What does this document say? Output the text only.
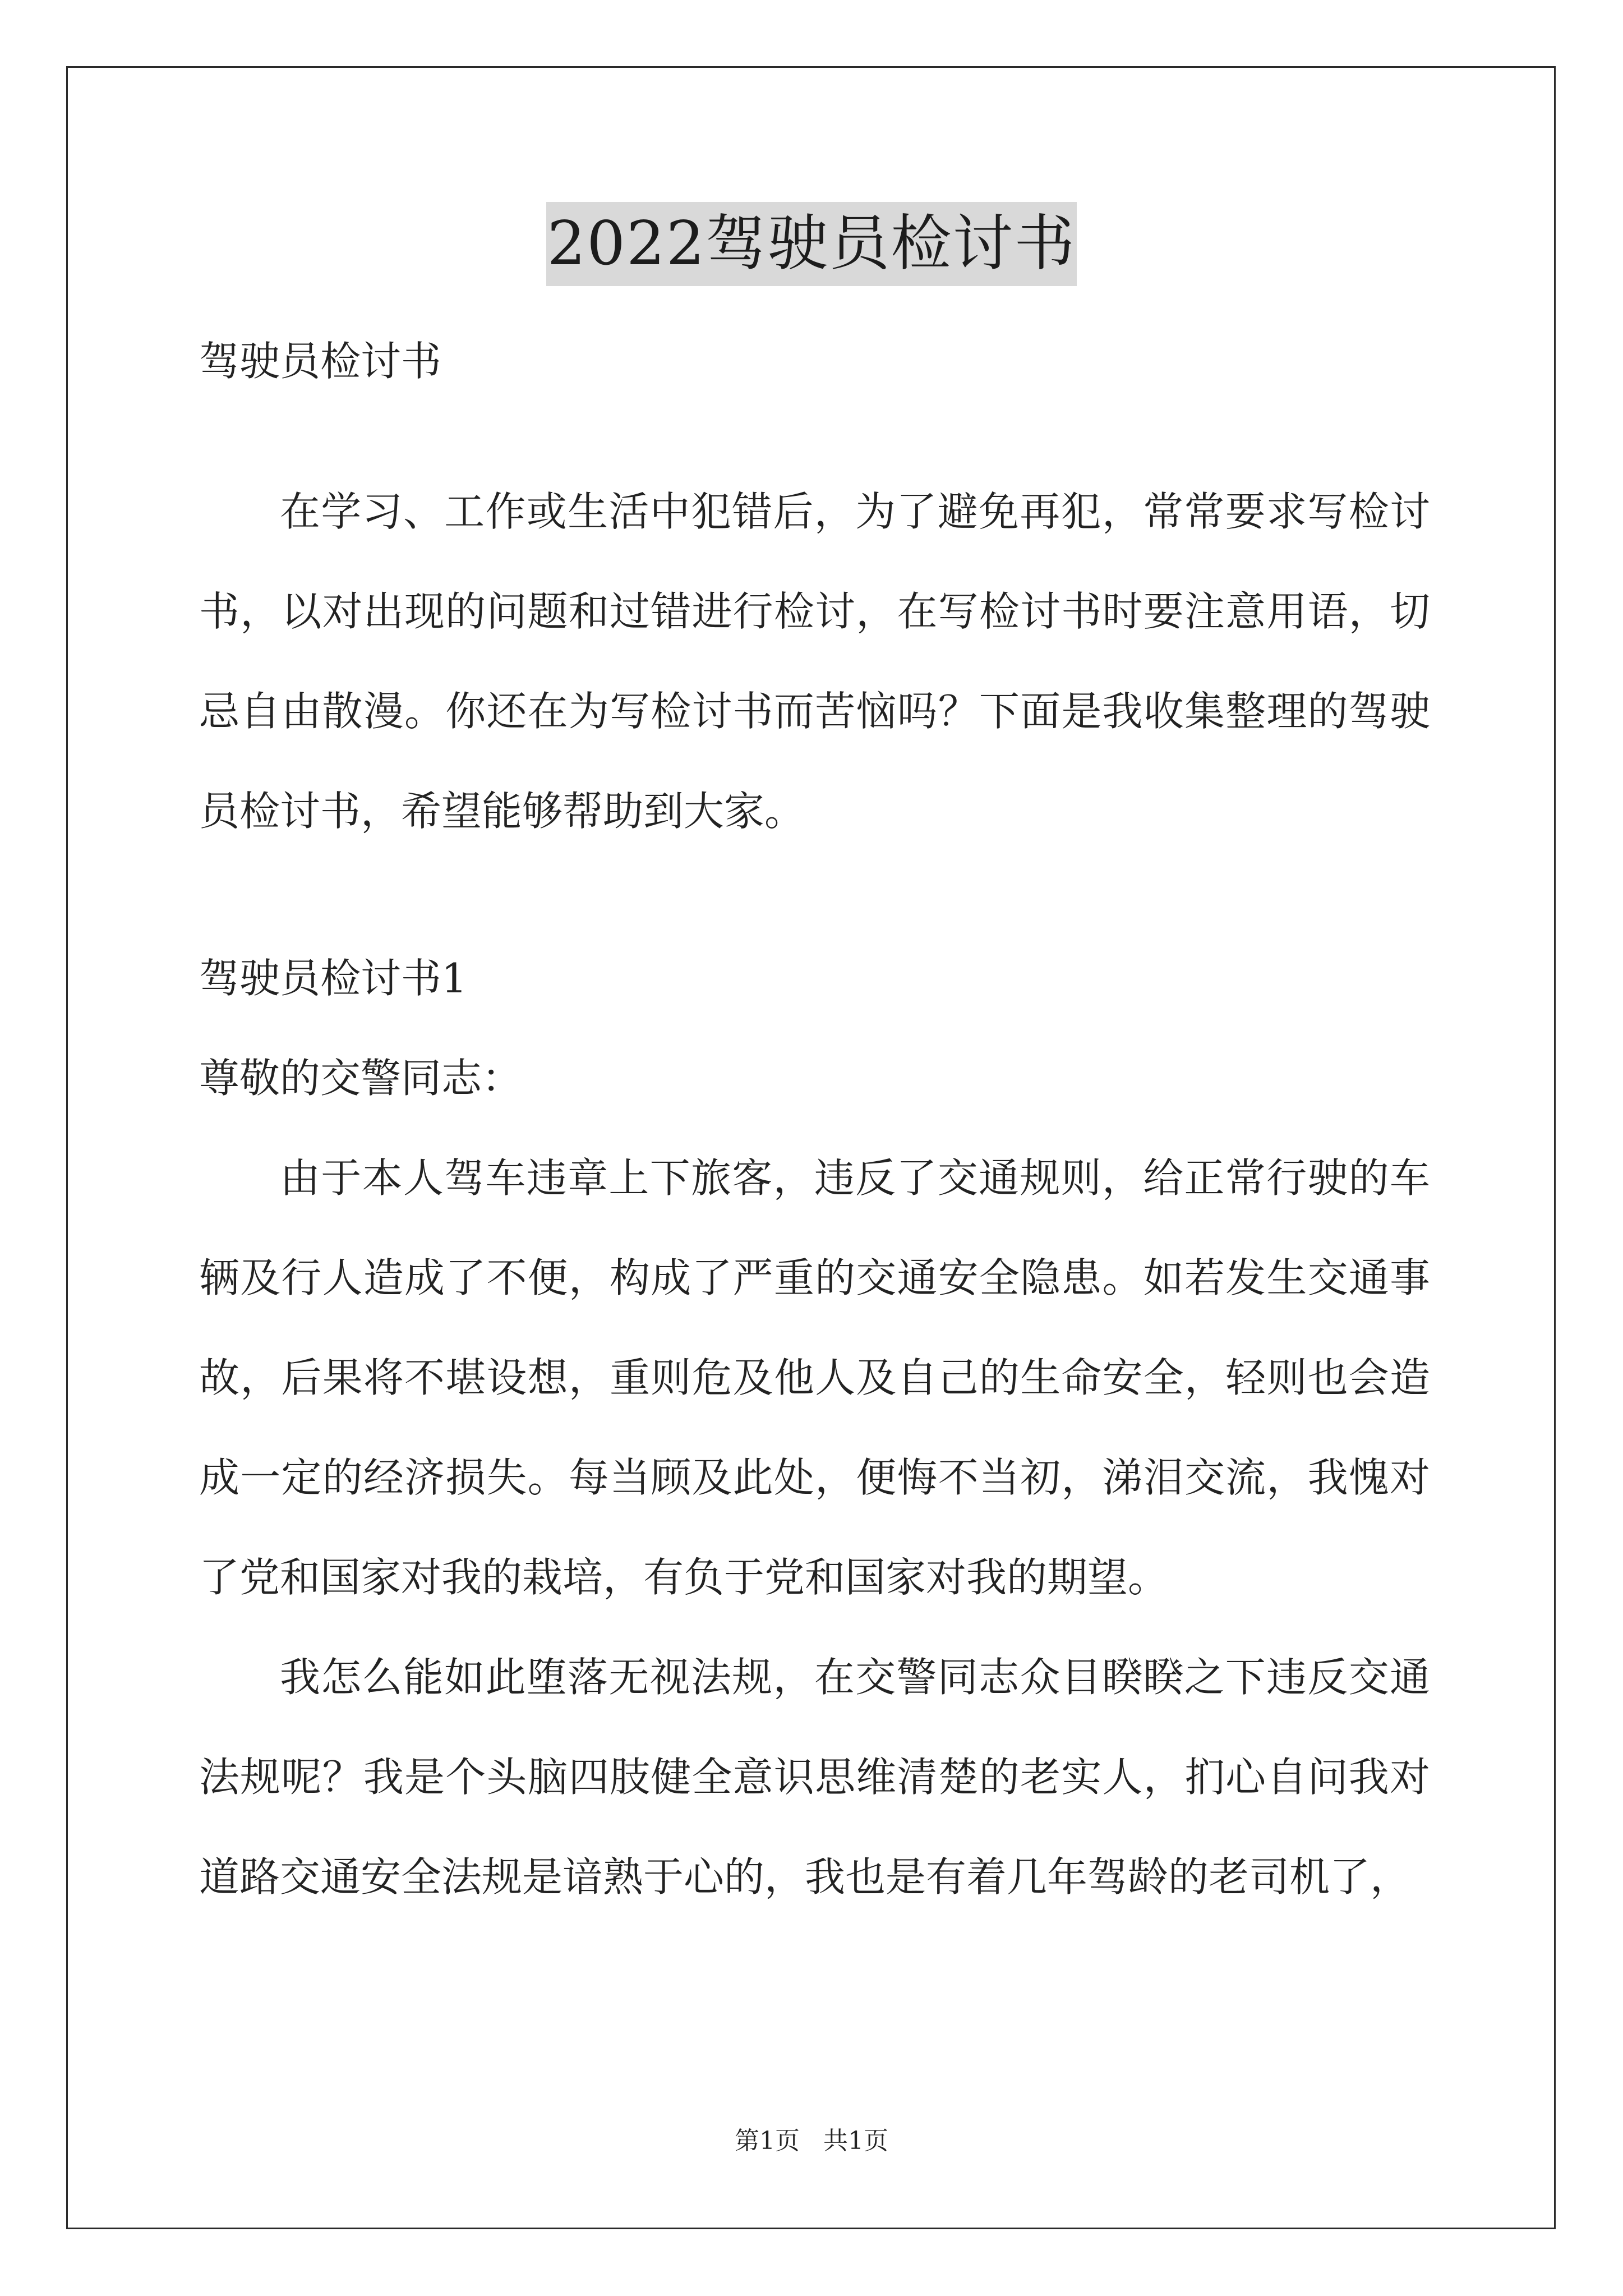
2022驾驶员检讨书

驾驶员检讨书

在学习、工作或生活中犯错后，为了避免再犯，常常要求写检讨书，以对出现的问题和过错进行检讨，在写检讨书时要注意用语，切忌自由散漫。你还在为写检讨书而苦恼吗？下面是我收集整理的驾驶员检讨书，希望能够帮助到大家。

驾驶员检讨书1

尊敬的交警同志：

由于本人驾车违章上下旅客，违反了交通规则，给正常行驶的车辆及行人造成了不便，构成了严重的交通安全隐患。如若发生交通事故，后果将不堪设想，重则危及他人及自己的生命安全，轻则也会造成一定的经济损失。每当顾及此处，便悔不当初，涕泪交流，我愧对了党和国家对我的栽培，有负于党和国家对我的期望。

我怎么能如此堕落无视法规，在交警同志众目睽睽之下违反交通法规呢？我是个头脑四肢健全意识思维清楚的老实人，扪心自问我对道路交通安全法规是谙熟于心的，我也是有着几年驾龄的老司机了，

第1页   共1页
